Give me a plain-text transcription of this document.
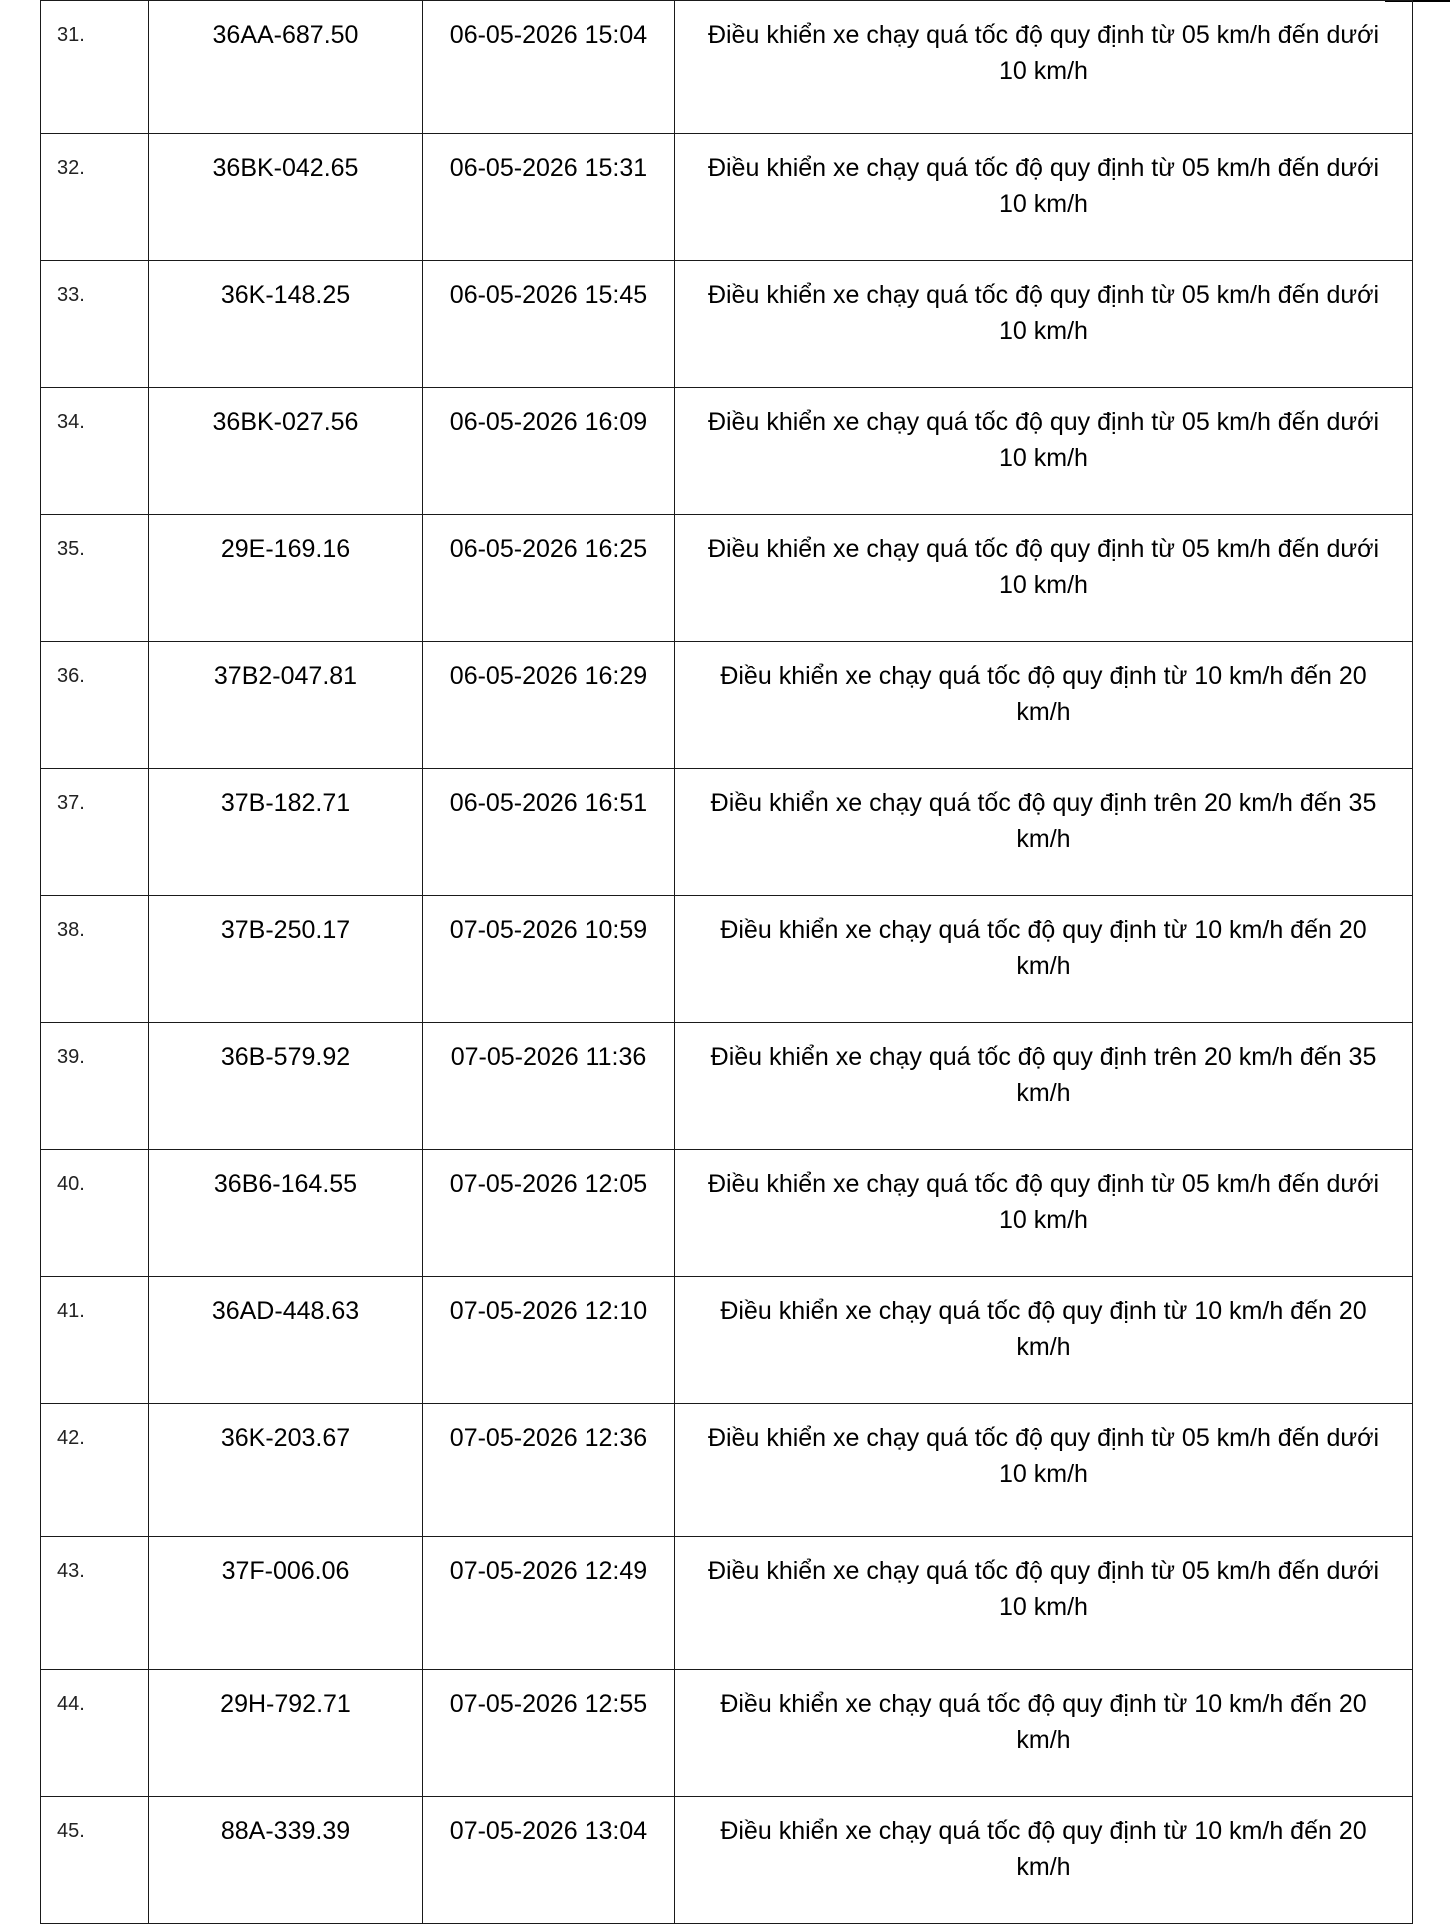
31.	36AA-687.50	06-05-2026 15:04	Điều khiển xe chạy quá tốc độ quy định từ 05 km/h đến dưới 10 km/h
32.	36BK-042.65	06-05-2026 15:31	Điều khiển xe chạy quá tốc độ quy định từ 05 km/h đến dưới 10 km/h
33.	36K-148.25	06-05-2026 15:45	Điều khiển xe chạy quá tốc độ quy định từ 05 km/h đến dưới 10 km/h
34.	36BK-027.56	06-05-2026 16:09	Điều khiển xe chạy quá tốc độ quy định từ 05 km/h đến dưới 10 km/h
35.	29E-169.16	06-05-2026 16:25	Điều khiển xe chạy quá tốc độ quy định từ 05 km/h đến dưới 10 km/h
36.	37B2-047.81	06-05-2026 16:29	Điều khiển xe chạy quá tốc độ quy định từ 10 km/h đến 20 km/h
37.	37B-182.71	06-05-2026 16:51	Điều khiển xe chạy quá tốc độ quy định trên 20 km/h đến 35 km/h
38.	37B-250.17	07-05-2026 10:59	Điều khiển xe chạy quá tốc độ quy định từ 10 km/h đến 20 km/h
39.	36B-579.92	07-05-2026 11:36	Điều khiển xe chạy quá tốc độ quy định trên 20 km/h đến 35 km/h
40.	36B6-164.55	07-05-2026 12:05	Điều khiển xe chạy quá tốc độ quy định từ 05 km/h đến dưới 10 km/h
41.	36AD-448.63	07-05-2026 12:10	Điều khiển xe chạy quá tốc độ quy định từ 10 km/h đến 20 km/h
42.	36K-203.67	07-05-2026 12:36	Điều khiển xe chạy quá tốc độ quy định từ 05 km/h đến dưới 10 km/h
43.	37F-006.06	07-05-2026 12:49	Điều khiển xe chạy quá tốc độ quy định từ 05 km/h đến dưới 10 km/h
44.	29H-792.71	07-05-2026 12:55	Điều khiển xe chạy quá tốc độ quy định từ 10 km/h đến 20 km/h
45.	88A-339.39	07-05-2026 13:04	Điều khiển xe chạy quá tốc độ quy định từ 10 km/h đến 20 km/h
